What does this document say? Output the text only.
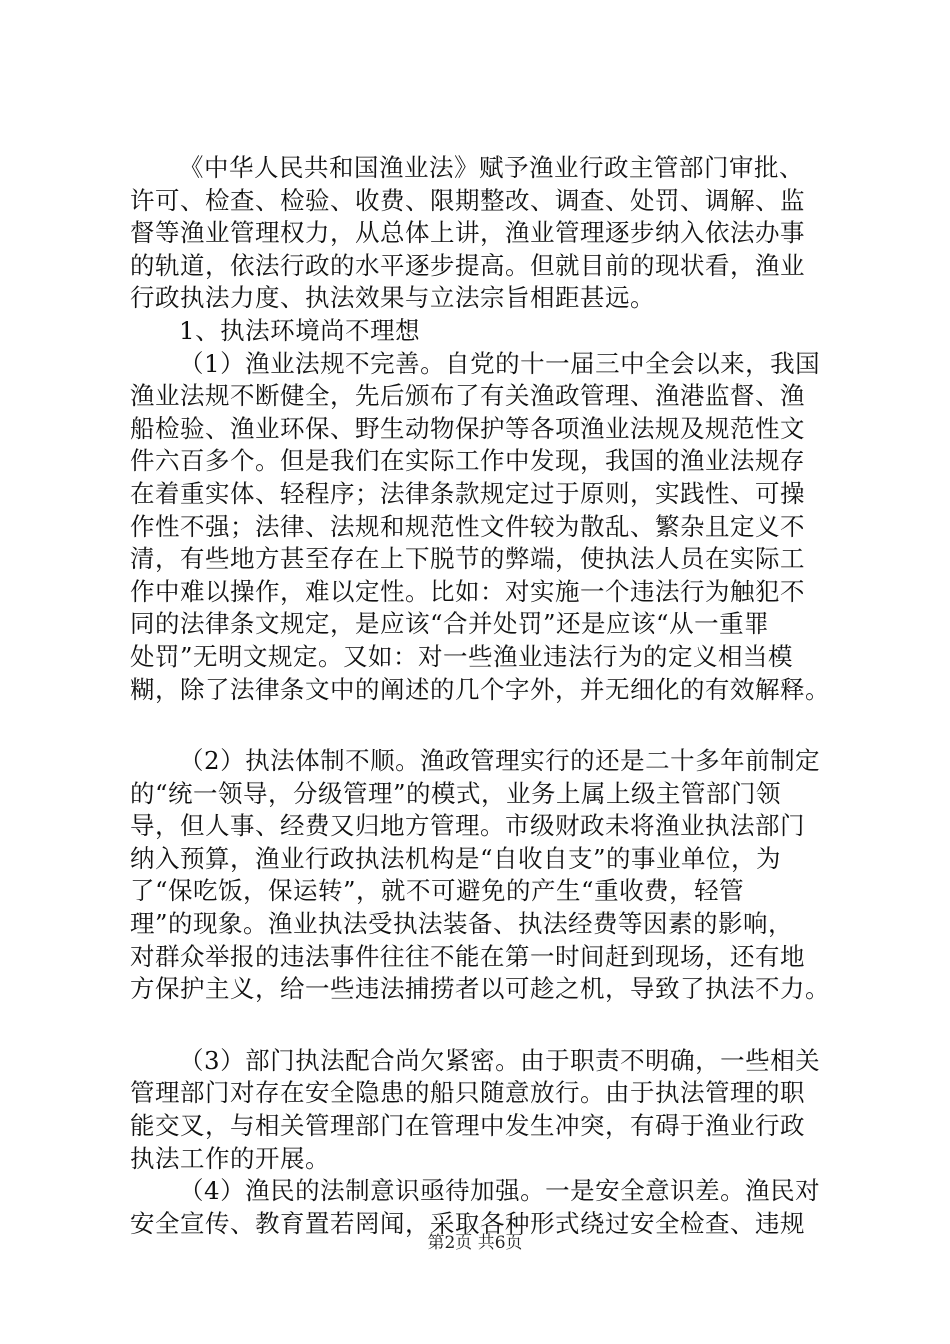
《中华人民共和国渔业法》赋予渔业行政主管部门审批、
许可、检查、检验、收费、限期整改、调查、处罚、调解、监
督等渔业管理权力，从总体上讲，渔业管理逐步纳入依法办事
的轨道，依法行政的水平逐步提高。但就目前的现状看，渔业
行政执法力度、执法效果与立法宗旨相距甚远。
1、执法环境尚不理想
（1）渔业法规不完善。自党的十一届三中全会以来，我国
渔业法规不断健全，先后颁布了有关渔政管理、渔港监督、渔
船检验、渔业环保、野生动物保护等各项渔业法规及规范性文
件六百多个。但是我们在实际工作中发现，我国的渔业法规存
在着重实体、轻程序；法律条款规定过于原则，实践性、可操
作性不强；法律、法规和规范性文件较为散乱、繁杂且定义不
清，有些地方甚至存在上下脱节的弊端，使执法人员在实际工
作中难以操作，难以定性。比如：对实施一个违法行为触犯不
同的法律条文规定，是应该“合并处罚”还是应该“从一重罪
处罚”无明文规定。又如：对一些渔业违法行为的定义相当模
糊，除了法律条文中的阐述的几个字外，并无细化的有效解释。
（2）执法体制不顺。渔政管理实行的还是二十多年前制定
的“统一领导，分级管理”的模式，业务上属上级主管部门领
导，但人事、经费又归地方管理。市级财政未将渔业执法部门
纳入预算，渔业行政执法机构是“自收自支”的事业单位，为
了“保吃饭，保运转”，就不可避免的产生“重收费，轻管
理”的现象。渔业执法受执法装备、执法经费等因素的影响，
对群众举报的违法事件往往不能在第一时间赶到现场，还有地
方保护主义，给一些违法捕捞者以可趁之机，导致了执法不力。
（3）部门执法配合尚欠紧密。由于职责不明确，一些相关
管理部门对存在安全隐患的船只随意放行。由于执法管理的职
能交叉，与相关管理部门在管理中发生冲突，有碍于渔业行政
执法工作的开展。
（4）渔民的法制意识亟待加强。一是安全意识差。渔民对
安全宣传、教育置若罔闻，采取各种形式绕过安全检查、违规
第2页 共6页
